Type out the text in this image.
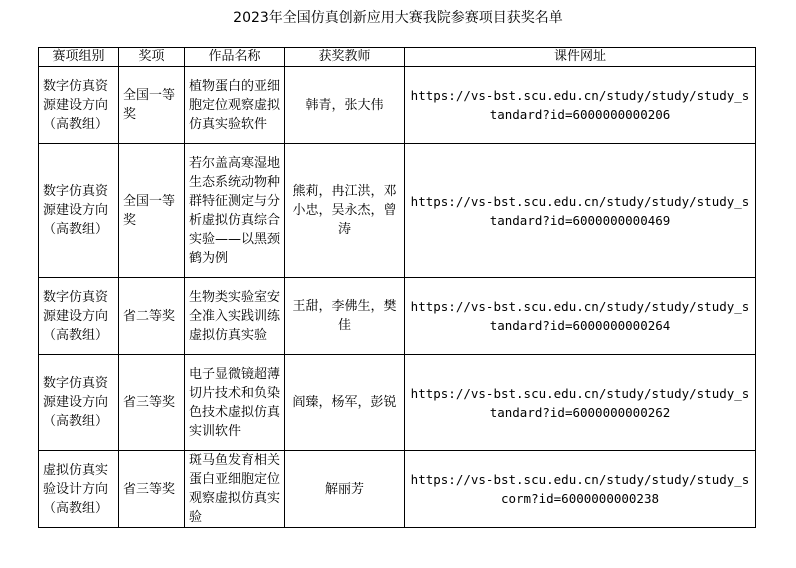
2023年全国仿真创新应用大赛我院参赛项目获奖名单
赛项组别	奖项	作品名称	获奖教师	课件网址
数字仿真资源建设方向（高教组）	全国一等奖	植物蛋白的亚细胞定位观察虚拟仿真实验软件	韩青，张大伟	https://vs-bst.scu.edu.cn/study/study/study_standard?id=6000000000206
数字仿真资源建设方向（高教组）	全国一等奖	若尔盖高寒湿地生态系统动物种群特征测定与分析虚拟仿真综合实验——以黑颈鹤为例	熊莉，冉江洪，邓小忠，吴永杰，曾涛	https://vs-bst.scu.edu.cn/study/study/study_standard?id=6000000000469
数字仿真资源建设方向（高教组）	省二等奖	生物类实验室安全准入实践训练虚拟仿真实验	王甜，李佛生，樊佳	https://vs-bst.scu.edu.cn/study/study/study_standard?id=6000000000264
数字仿真资源建设方向（高教组）	省三等奖	电子显微镜超薄切片技术和负染色技术虚拟仿真实训软件	阎臻，杨军，彭锐	https://vs-bst.scu.edu.cn/study/study/study_standard?id=6000000000262
虚拟仿真实验设计方向（高教组）	省三等奖	斑马鱼发育相关蛋白亚细胞定位观察虚拟仿真实验	解丽芳	https://vs-bst.scu.edu.cn/study/study/study_scorm?id=6000000000238
